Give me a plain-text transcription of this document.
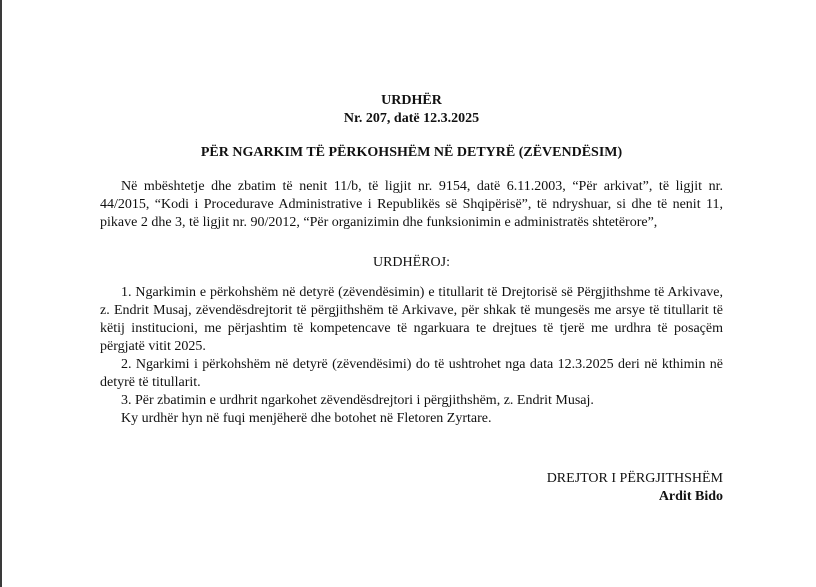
URDHËR
Nr. 207, datë 12.3.2025
PËR NGARKIM TË PËRKOHSHËM NË DETYRË (ZËVENDËSIM)

Në mbështetje dhe zbatim të nenit 11/b, të ligjit nr. 9154, datë 6.11.2003, “Për arkivat”, të ligjit nr. 44/2015, “Kodi i Procedurave Administrative i Republikës së Shqipërisë”, të ndryshuar, si dhe të nenit 11, pikave 2 dhe 3, të ligjit nr. 90/2012, “Për organizimin dhe funksionimin e administratës shtetërore”,

URDHËROJ:

1. Ngarkimin e përkohshëm në detyrë (zëvendësimin) e titullarit të Drejtorisë së Përgjithshme të Arkivave, z. Endrit Musaj, zëvendësdrejtorit të përgjithshëm të Arkivave, për shkak të mungesës me arsye të titullarit të këtij institucioni, me përjashtim të kompetencave të ngarkuara te drejtues të tjerë me urdhra të posaçëm përgjatë vitit 2025.

2. Ngarkimi i përkohshëm në detyrë (zëvendësimi) do të ushtrohet nga data 12.3.2025 deri në kthimin në detyrë të titullarit.

3. Për zbatimin e urdhrit ngarkohet zëvendësdrejtori i përgjithshëm, z. Endrit Musaj.

Ky urdhër hyn në fuqi menjëherë dhe botohet në Fletoren Zyrtare.

DREJTOR I PËRGJITHSHËM
Ardit Bido
